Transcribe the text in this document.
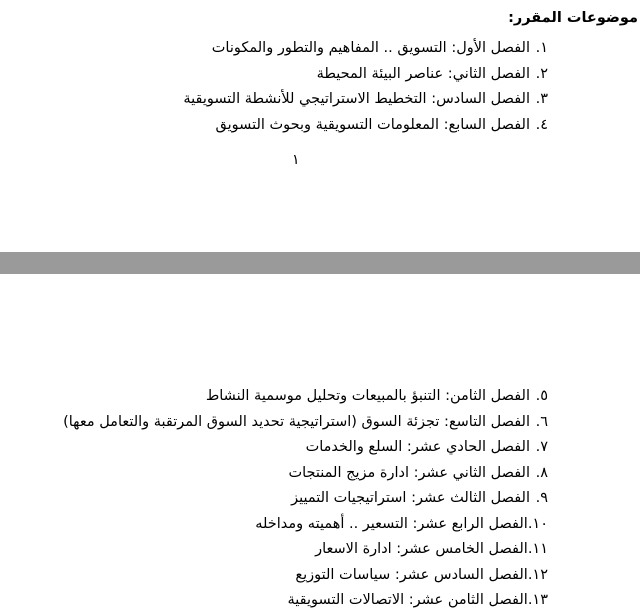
موضوعات المقرر:
١.
الفصل الأول: التسويق .. المفاهيم والتطور والمكونات
٢.
الفصل الثاني: عناصر البيئة المحيطة
٣.
الفصل السادس: التخطيط الاستراتيجي للأنشطة التسويقية
٤.
الفصل السابع: المعلومات التسويقية وبحوث التسويق
١
٥.
الفصل الثامن: التنبؤ بالمبيعات وتحليل موسمية النشاط
٦.
الفصل التاسع: تجزئة السوق (استراتيجية تحديد السوق المرتقبة والتعامل معها)
٧.
الفصل الحادي عشر: السلع والخدمات
٨.
الفصل الثاني عشر: ادارة مزيج المنتجات
٩.
الفصل الثالث عشر: استراتيجيات التمييز
١٠.
الفصل الرابع عشر: التسعير .. أهميته ومداخله
١١.
الفصل الخامس عشر: ادارة الاسعار
١٢.
الفصل السادس عشر: سياسات التوزيع
١٣.
الفصل الثامن عشر: الاتصالات التسويقية
